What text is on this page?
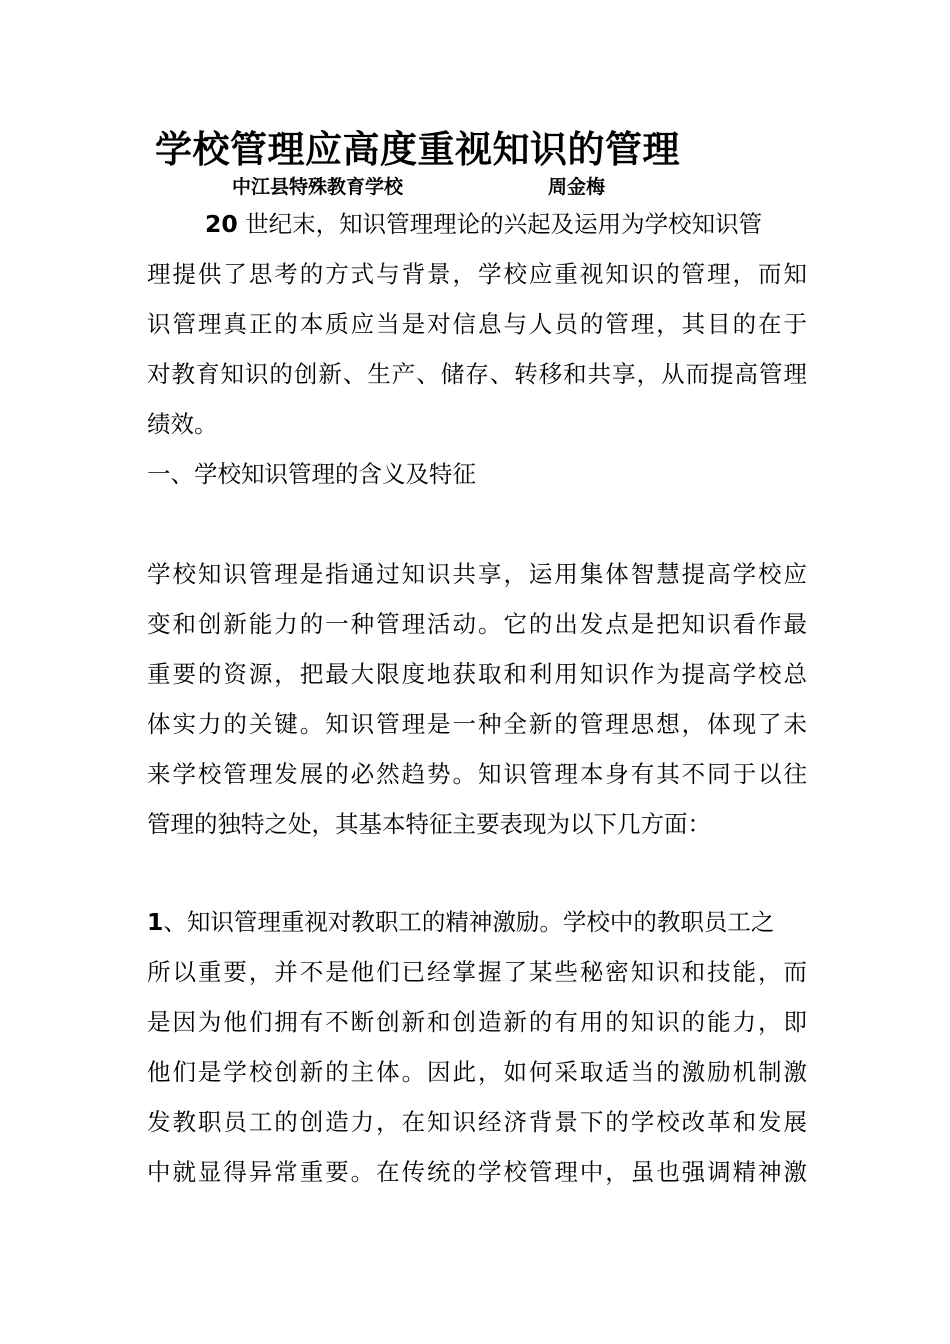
学校管理应高度重视知识的管理
中江县特殊教育学校	周金梅
20 世纪末，知识管理理论的兴起及运用为学校知识管
理提供了思考的方式与背景，学校应重视知识的管理，而知
识管理真正的本质应当是对信息与人员的管理，其目的在于
对教育知识的创新、生产、储存、转移和共享，从而提高管理
绩效。
一、学校知识管理的含义及特征
学校知识管理是指通过知识共享，运用集体智慧提高学校应
变和创新能力的一种管理活动。它的出发点是把知识看作最
重要的资源，把最大限度地获取和利用知识作为提高学校总
体实力的关键。知识管理是一种全新的管理思想，体现了未
来学校管理发展的必然趋势。知识管理本身有其不同于以往
管理的独特之处，其基本特征主要表现为以下几方面：
1、知识管理重视对教职工的精神激励。学校中的教职员工之
所以重要，并不是他们已经掌握了某些秘密知识和技能，而
是因为他们拥有不断创新和创造新的有用的知识的能力，即
他们是学校创新的主体。因此，如何采取适当的激励机制激
发教职员工的创造力，在知识经济背景下的学校改革和发展
中就显得异常重要。在传统的学校管理中，虽也强调精神激
